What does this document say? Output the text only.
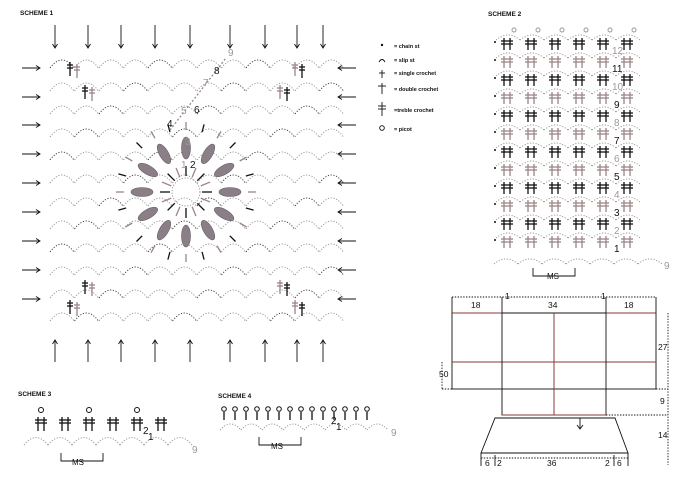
SCHEME 1	SCHEME 2
SCHEME 3	SCHEME 4
1 2
3
4
5 6
7
8
9
= chain st
= slip st
= single crochet
= double crochet
=treble crochet
= picot
1
2
3
4
5
6
7
8
9
10
11
12
MS
9
18
1
34
1
18
27
9
14
50
6 2	36	2 6
2
1
MS
9
2
1
MS
9
